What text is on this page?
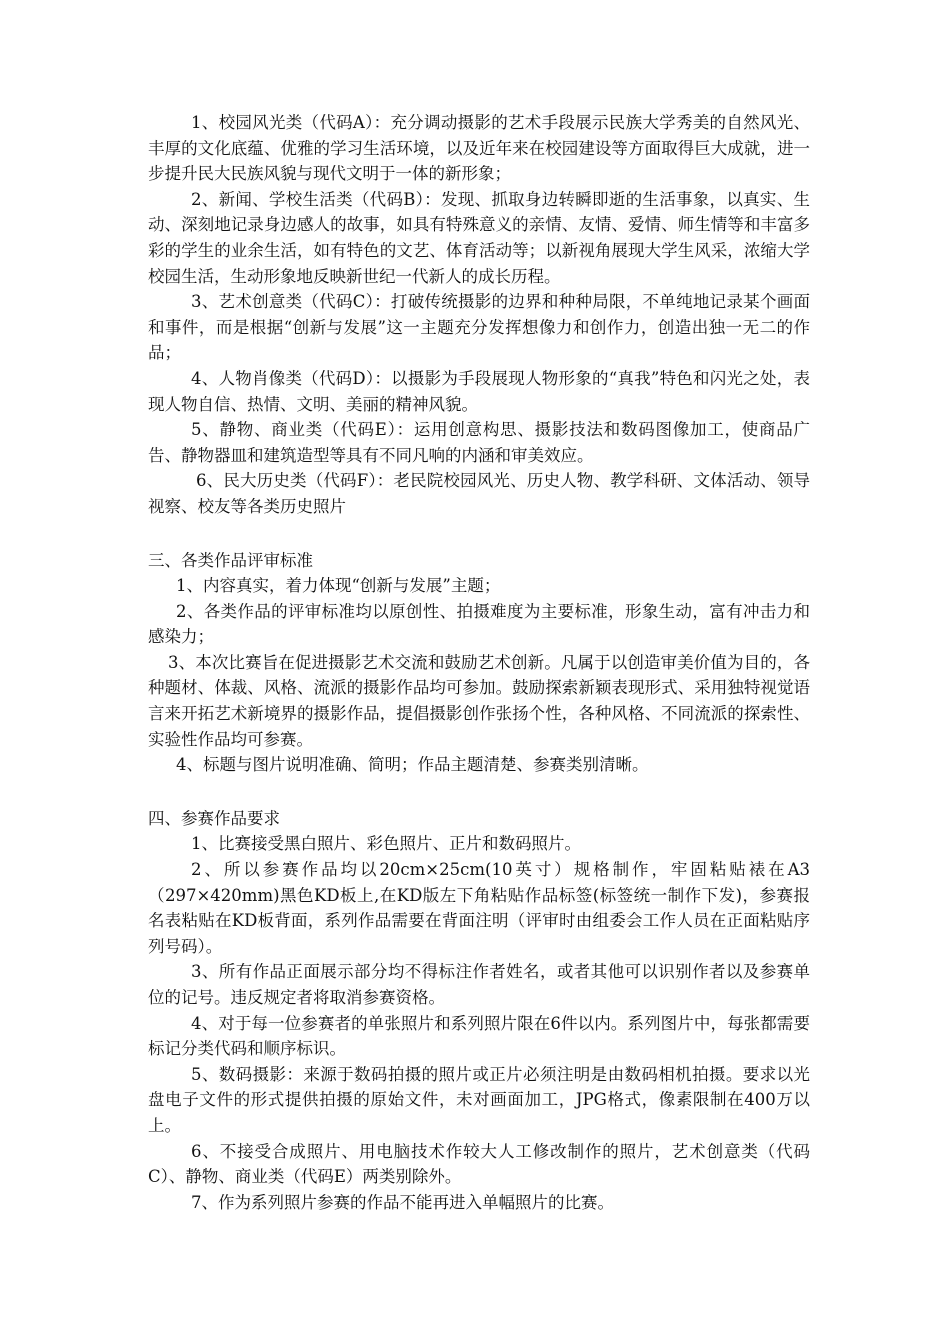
1、校园风光类（代码A）：充分调动摄影的艺术手段展示民族大学秀美的自然风光、丰厚的文化底蕴、优雅的学习生活环境，以及近年来在校园建设等方面取得巨大成就，进一步提升民大民族风貌与现代文明于一体的新形象；

2、新闻、学校生活类（代码B）：发现、抓取身边转瞬即逝的生活事象，以真实、生动、深刻地记录身边感人的故事，如具有特殊意义的亲情、友情、爱情、师生情等和丰富多彩的学生的业余生活，如有特色的文艺、体育活动等；以新视角展现大学生风采，浓缩大学校园生活，生动形象地反映新世纪一代新人的成长历程。

3、艺术创意类（代码C）：打破传统摄影的边界和种种局限，不单纯地记录某个画面和事件，而是根据“创新与发展”这一主题充分发挥想像力和创作力，创造出独一无二的作品；

4、人物肖像类（代码D）：以摄影为手段展现人物形象的“真我”特色和闪光之处，表现人物自信、热情、文明、美丽的精神风貌。

5、静物、商业类（代码E）：运用创意构思、摄影技法和数码图像加工，使商品广告、静物器皿和建筑造型等具有不同凡响的内涵和审美效应。

6、民大历史类（代码F）：老民院校园风光、历史人物、教学科研、文体活动、领导视察、校友等各类历史照片

三、各类作品评审标准

1、内容真实，着力体现“创新与发展”主题；

2、各类作品的评审标准均以原创性、拍摄难度为主要标准，形象生动，富有冲击力和感染力；

3、本次比赛旨在促进摄影艺术交流和鼓励艺术创新。凡属于以创造审美价值为目的，各种题材、体裁、风格、流派的摄影作品均可参加。鼓励探索新颖表现形式、采用独特视觉语言来开拓艺术新境界的摄影作品，提倡摄影创作张扬个性，各种风格、不同流派的探索性、实验性作品均可参赛。

4、标题与图片说明准确、简明；作品主题清楚、参赛类别清晰。

四、参赛作品要求

1、比赛接受黑白照片、彩色照片、正片和数码照片。

2、所以参赛作品均以20cm×25cm(10英寸）规格制作，牢固粘贴裱在A3（297×420mm)黑色KD板上,在KD版左下角粘贴作品标签(标签统一制作下发)，参赛报名表粘贴在KD板背面，系列作品需要在背面注明（评审时由组委会工作人员在正面粘贴序列号码）。

3、所有作品正面展示部分均不得标注作者姓名，或者其他可以识别作者以及参赛单位的记号。违反规定者将取消参赛资格。

4、对于每一位参赛者的单张照片和系列照片限在6件以内。系列图片中，每张都需要标记分类代码和顺序标识。

5、数码摄影：来源于数码拍摄的照片或正片必须注明是由数码相机拍摄。要求以光盘电子文件的形式提供拍摄的原始文件，未对画面加工，JPG格式，像素限制在400万以上。

6、不接受合成照片、用电脑技术作较大人工修改制作的照片，艺术创意类（代码C）、静物、商业类（代码E）两类别除外。

7、作为系列照片参赛的作品不能再进入单幅照片的比赛。
